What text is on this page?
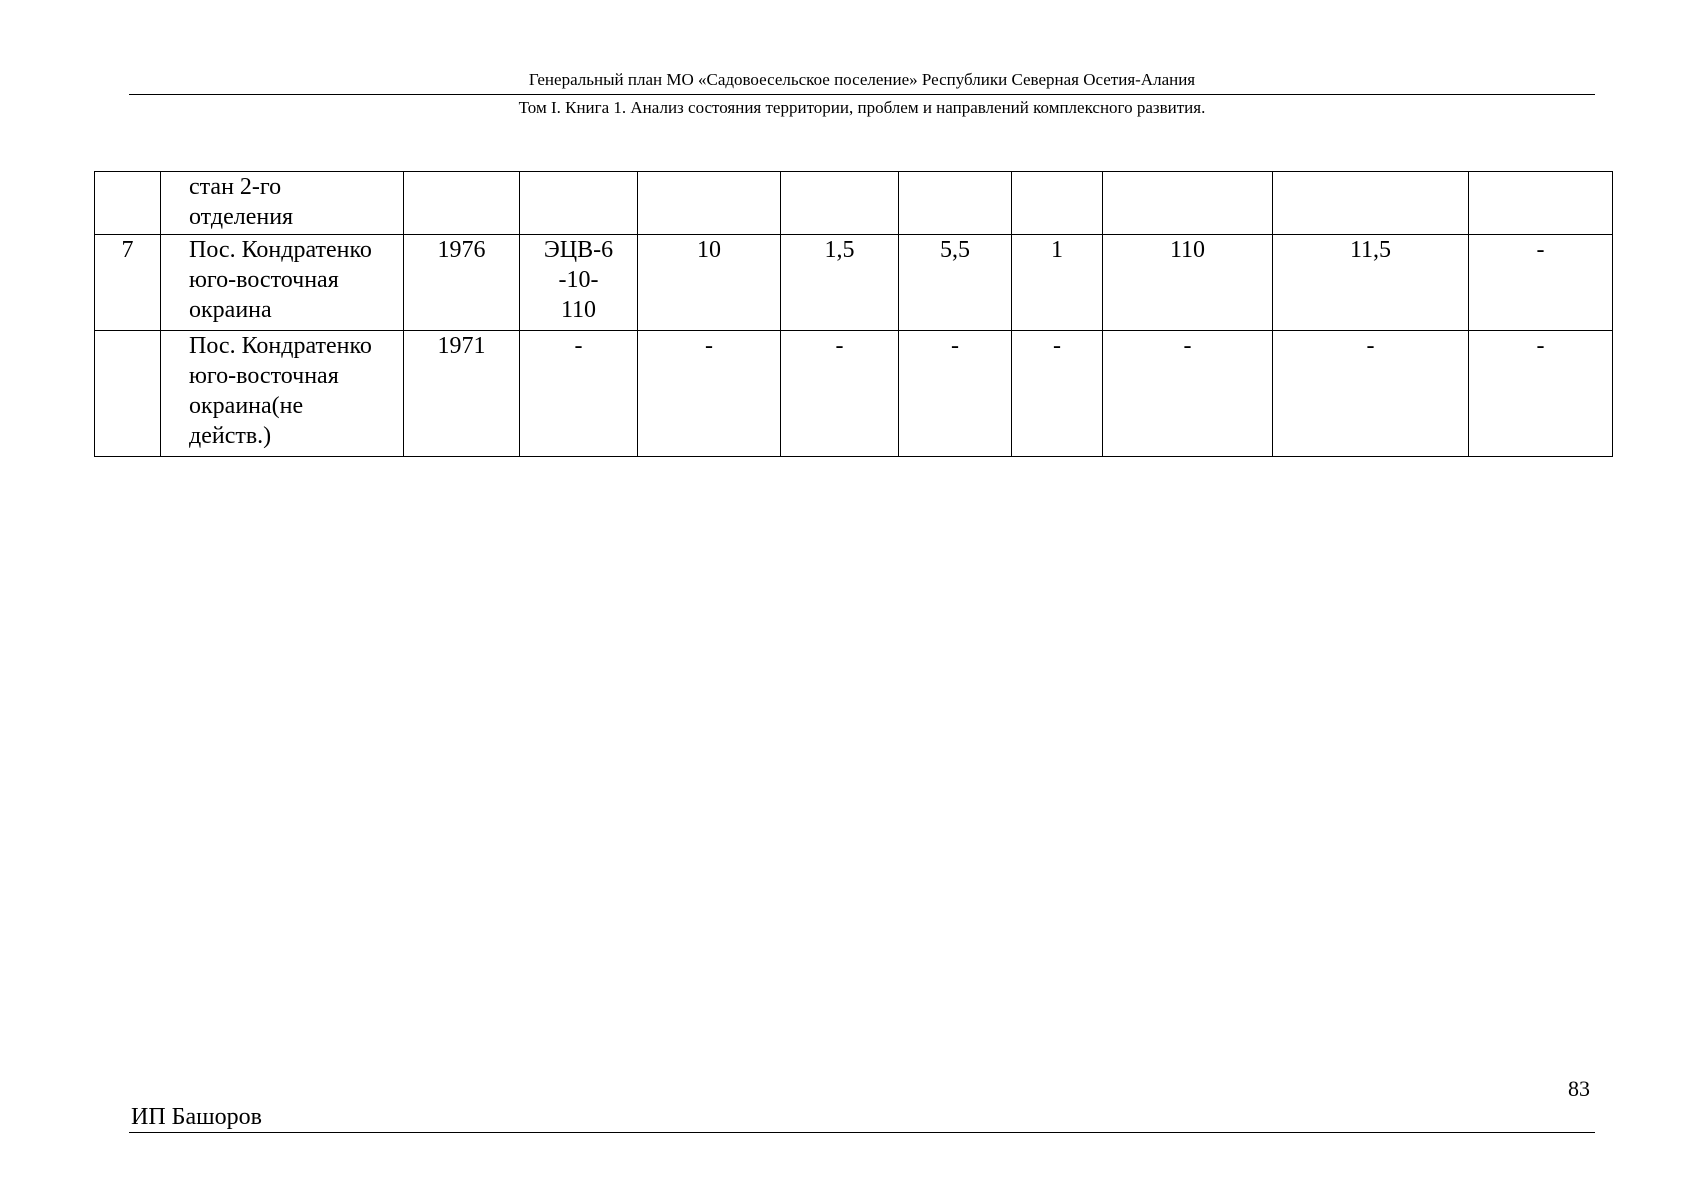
Генеральный план МО «Садовоесельское поселение» Республики Северная Осетия-Алания
Том I. Книга 1. Анализ состояния территории, проблем и направлений комплексного развития.
	стан 2-го
отделения									
7	Пос. Кондратенко
юго-восточная
окраина	1976	ЭЦВ-6
-10-
110	10	1,5	5,5	1	110	11,5	-
	Пос. Кондратенко
юго-восточная
окраина(не
действ.)	1971	-	-	-	-	-	-	-	-
83
ИП Башоров
